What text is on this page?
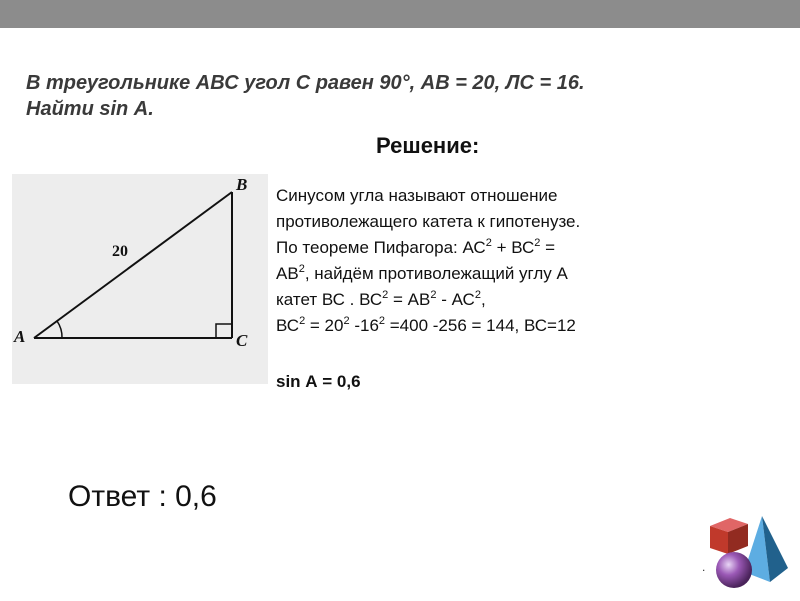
В треугольнике АВС угол С равен 90°, АВ = 20, ЛС = 16.
Найти sin А.
Решение:
A
B
C
20
Синусом угла называют отношение
противолежащего катета к гипотенузе.
По теореме Пифагора: $АС^2 + ВС^2$ =
$АВ^2$, найдём противолежащий углу А
катет ВС . $ВС^2 = АВ^2 - АС^2$,
$ВС^2 = 20^2$ $-16^2 =400$ -256 = 144, ВС=12
sin А = 0,6
Ответ : 0,6
.
